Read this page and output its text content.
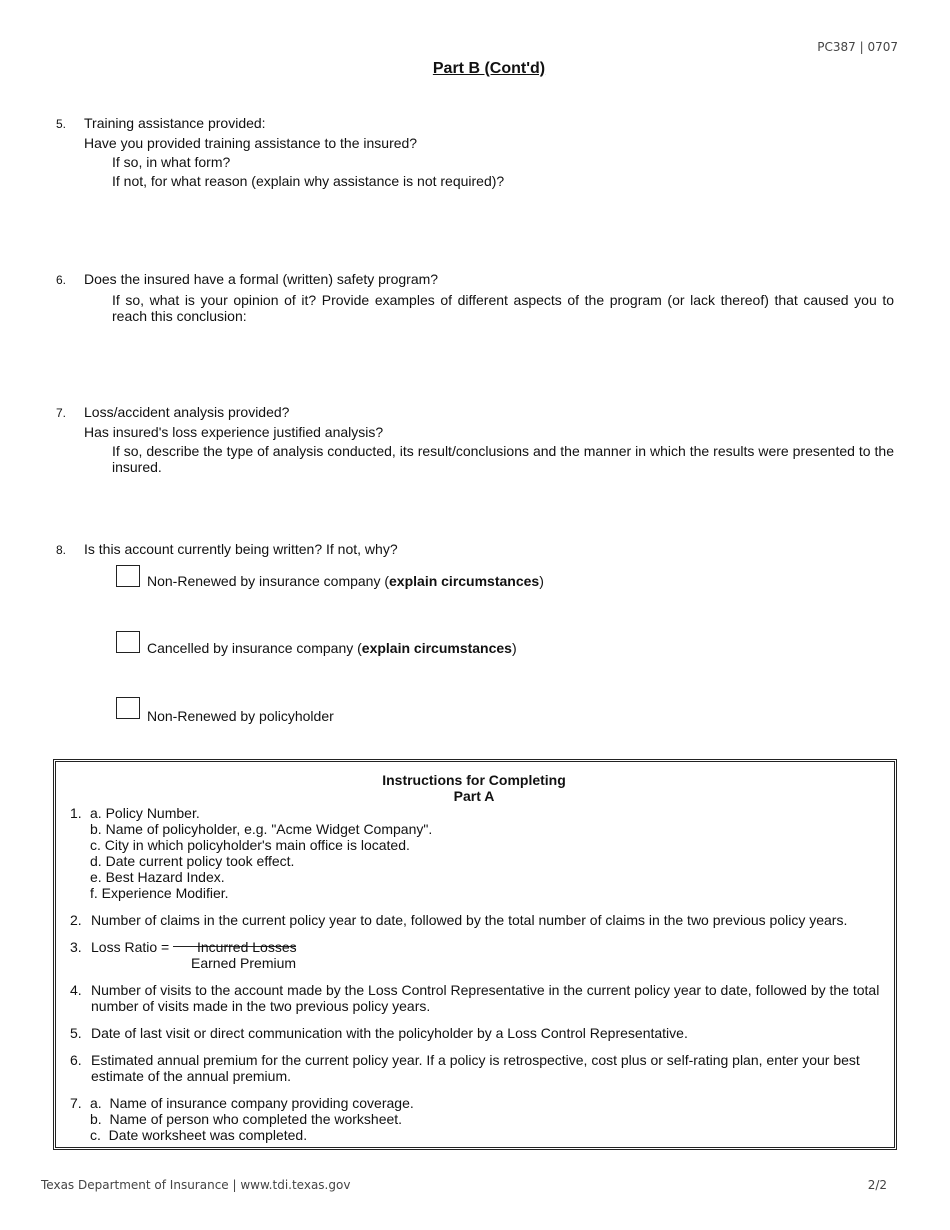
PC387 | 0707

Part B (Cont'd)

5. Training assistance provided:

Have you provided training assistance to the insured?

If so, in what form?

If not, for what reason (explain why assistance is not required)?

6. Does the insured have a formal (written) safety program?

If so, what is your opinion of it? Provide examples of different aspects of the program (or lack thereof) that caused you to reach this conclusion:

7. Loss/accident analysis provided?

Has insured's loss experience justified analysis?

If so, describe the type of analysis conducted, its result/conclusions and the manner in which the results were presented to the insured.

8. Is this account currently being written? If not, why?

Non-Renewed by insurance company (explain circumstances)

Cancelled by insurance company (explain circumstances)

Non-Renewed by policyholder

Instructions for Completing
Part A

1. a. Policy Number.
b. Name of policyholder, e.g. "Acme Widget Company".
c. City in which policyholder's main office is located.
d. Date current policy took effect.
e. Best Hazard Index.
f. Experience Modifier.

2. Number of claims in the current policy year to date, followed by the total number of claims in the two previous policy years.

3. Loss Ratio = Incurred Losses

Earned Premium

4. Number of visits to the account made by the Loss Control Representative in the current policy year to date, followed by the total number of visits made in the two previous policy years.

5. Date of last visit or direct communication with the policyholder by a Loss Control Representative.

6. Estimated annual premium for the current policy year. If a policy is retrospective, cost plus or self-rating plan, enter your best estimate of the annual premium.

7. a. Name of insurance company providing coverage.
b. Name of person who completed the worksheet.
c. Date worksheet was completed.

Texas Department of Insurance | www.tdi.texas.gov	2/2
